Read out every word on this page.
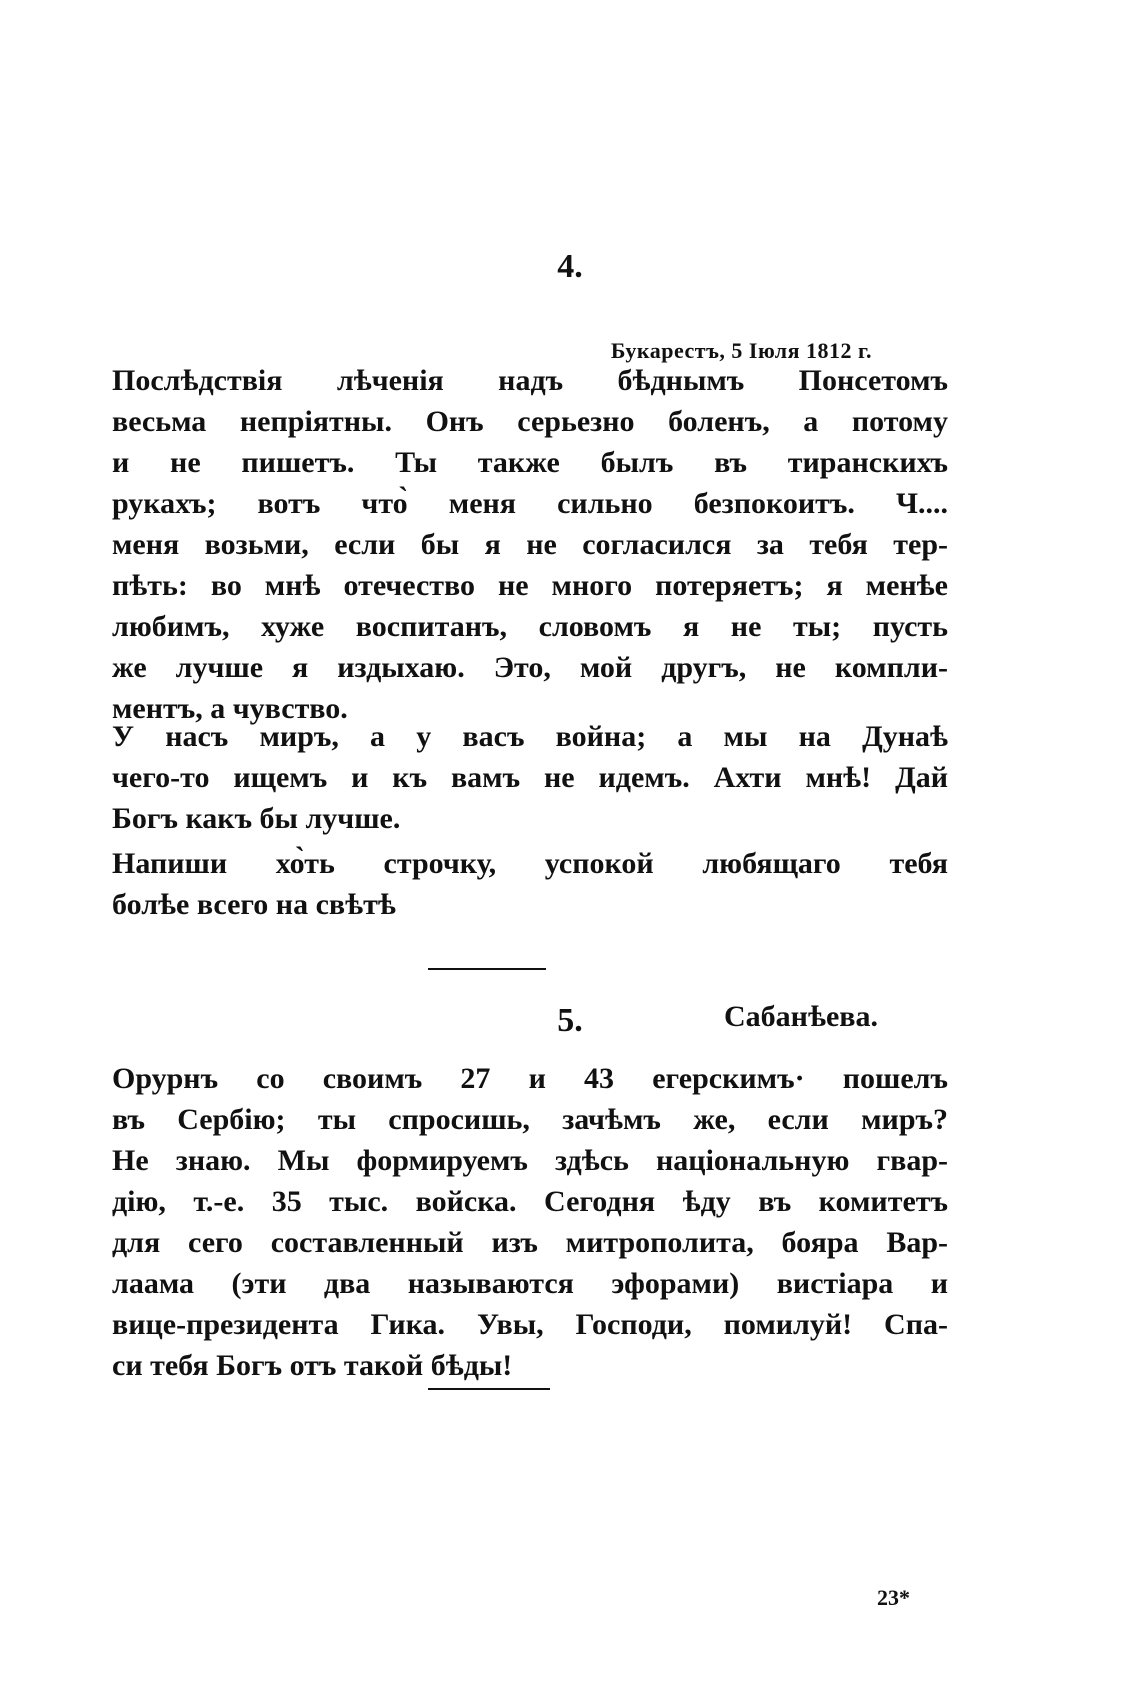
4.
Букарестъ, 5 Iюля 1812 г.
Послѣдствія лѣченія надъ бѣднымъ Понсетомъ
весьма непріятны. Онъ серьезно боленъ, а потому
и не пишетъ. Ты также былъ въ тиранскихъ
рукахъ; вотъ что̀ меня сильно безпокоитъ. Ч....
меня возьми, если бы я не согласился за тебя тер-
пѣть: во мнѣ отечество не много потеряетъ; я менѣе
любимъ, хуже воспитанъ, словомъ я не ты; пусть
же лучше я издыхаю. Это, мой другъ, не компли-
ментъ, а чувство.
У насъ миръ, а у васъ война; а мы на Дунаѣ
чего-то ищемъ и къ вамъ не идемъ. Ахти мнѣ! Дай
Богъ какъ бы лучше.
Напиши хо̀ть строчку, успокой любящаго тебя
болѣе всего на свѣтѣ
Сабанѣева.
5.
Орурнъ со своимъ 27 и 43 егерскимъ· пошелъ
въ Сербію; ты спросишь, зачѣмъ же, если миръ?
Не знаю. Мы формируемъ здѣсь національную гвар-
дію, т.-е. 35 тыс. войска. Сегодня ѣду въ комитетъ
для сего составленный изъ митрополита, бояра Вар-
лаама (эти два называются эфорами) вистіара и
вице-президента Гика. Увы, Господи, помилуй! Спа-
си тебя Богъ отъ такой бѣды!
23*
